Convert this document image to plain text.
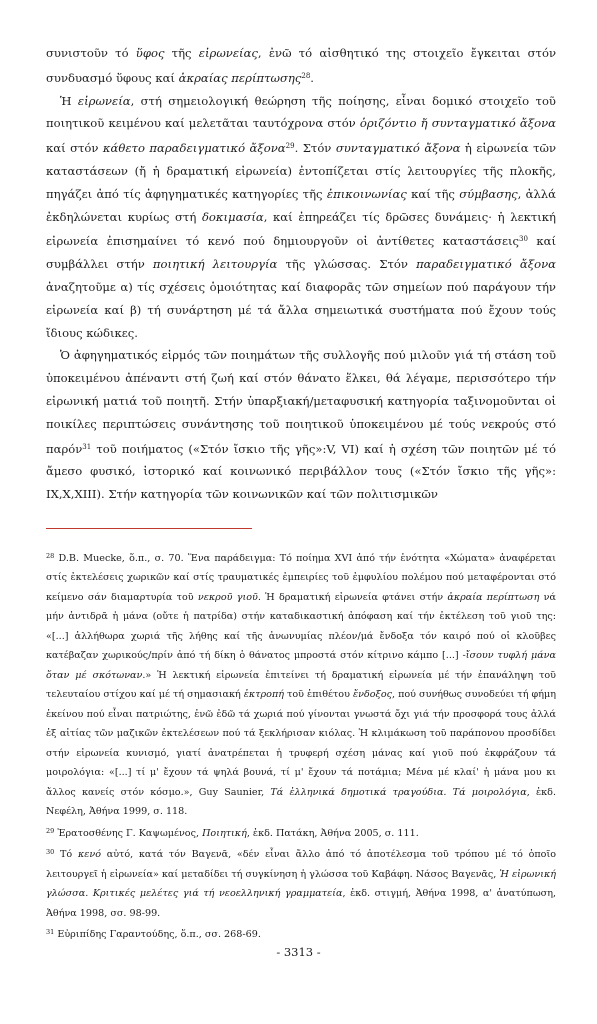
συνιστοῦν τό ὕφος τῆς εἰρωνείας, ἐνῶ τό αἰσθητικό της στοιχεῖο ἔγκειται στόν συνδυασμό ὕφους καί ἀκραίας περίπτωσης$^{28}$.

Ἡ εἰρωνεία, στή σημειολογική θεώρηση τῆς ποίησης, εἶναι δομικό στοιχεῖο τοῦ ποιητικοῦ κειμένου καί μελετᾶται ταυτόχρονα στόν ὁριζόντιο ἤ συνταγματικό ἄξονα καί στόν κάθετο παραδειγματικό ἄξονα$^{29}$. Στόν συνταγματικό ἄξονα ἡ εἰρωνεία τῶν καταστάσεων (ἤ ἡ δραματική εἰρωνεία) ἐντοπίζεται στίς λειτουργίες τῆς πλοκῆς, πηγάζει ἀπό τίς ἀφηγηματικές κατηγορίες τῆς ἐπικοινωνίας καί τῆς σύμβασης, ἀλλά ἐκδηλώνεται κυρίως στή δοκιμασία, καί ἐπηρεάζει τίς δρῶσες δυνάμεις· ἡ λεκτική εἰρωνεία ἐπισημαίνει τό κενό πού δημιουργοῦν οἱ ἀντίθετες καταστάσεις$^{30}$ καί συμβάλλει στήν ποιητική λειτουργία τῆς γλώσσας. Στόν παραδειγματικό ἄξονα ἀναζητοῦμε α) τίς σχέσεις ὁμοιότητας καί διαφορᾶς τῶν σημείων πού παράγουν τήν εἰρωνεία καί β) τή συνάρτηση μέ τά ἄλλα σημειωτικά συστήματα πού ἔχουν τούς ἴδιους κώδικες.

Ὁ ἀφηγηματικός εἱρμός τῶν ποιημάτων τῆς συλλογῆς πού μιλοῦν γιά τή στάση τοῦ ὑποκειμένου ἀπέναντι στή ζωή καί στόν θάνατο ἕλκει, θά λέγαμε, περισσότερο τήν εἰρωνική ματιά τοῦ ποιητῆ. Στήν ὑπαρξιακή/μεταφυσική κατηγορία ταξινομοῦνται οἱ ποικίλες περιπτώσεις συνάντησης τοῦ ποιητικοῦ ὑποκειμένου μέ τούς νεκρούς στό παρόν$^{31}$ τοῦ ποιήματος («Στόν ἴσκιο τῆς γῆς»:V, VI) καί ἡ σχέση τῶν ποιητῶν μέ τό ἄμεσο φυσικό, ἱστορικό καί κοινωνικό περιβάλλον τους («Στόν ἴσκιο τῆς γῆς»: IX,X,XIII). Στήν κατηγορία τῶν κοινωνικῶν καί τῶν πολιτισμικῶν

$^{28}$ D.B. Muecke, ὅ.π., σ. 70. Ἕνα παράδειγμα: Τό ποίημα XVI ἀπό τήν ἑνότητα «Χώματα» ἀναφέρεται στίς ἐκτελέσεις χωρικῶν καί στίς τραυματικές ἐμπειρίες τοῦ ἐμφυλίου πολέμου πού μεταφέρονται στό κείμενο σάν διαμαρτυρία τοῦ νεκροῦ γιοῦ. Ἡ δραματική εἰρωνεία φτάνει στήν ἀκραία περίπτωση νά μήν ἀντιδρᾶ ἡ μάνα (οὔτε ἡ πατρίδα) στήν καταδικαστική ἀπόφαση καί τήν ἐκτέλεση τοῦ γιοῦ της: «[...] ἀλλήθωρα χωριά τῆς λήθης καί τῆς ἀνωνυμίας πλέον/μά ἔνδοξα τόν καιρό πού οἱ κλοῦβες κατέβαζαν χωρικούς/πρίν ἀπό τή δίκη ὁ θάνατος μπροστά στόν κίτρινο κάμπο [...] -ἴσουν τυφλή μάνα ὅταν μέ σκότωναν.» Ἡ λεκτική εἰρωνεία ἐπιτείνει τή δραματική εἰρωνεία μέ τήν ἐπανάληψη τοῦ τελευταίου στίχου καί μέ τή σημασιακή ἐκτροπή τοῦ ἐπιθέτου ἔνδοξος, πού συνήθως συνοδεύει τή φήμη ἐκείνου πού εἶναι πατριώτης, ἐνῶ ἐδῶ τά χωριά πού γίνονται γνωστά ὄχι γιά τήν προσφορά τους ἀλλά ἐξ αἰτίας τῶν μαζικῶν ἐκτελέσεων πού τά ξεκλήρισαν κιόλας. Ἡ κλιμάκωση τοῦ παράπονου προσδίδει στήν εἰρωνεία κυνισμό, γιατί ἀνατρέπεται ἡ τρυφερή σχέση μάνας καί γιοῦ πού ἐκφράζουν τά μοιρολόγια: «[...] τί μ' ἔχουν τά ψηλά βουνά, τί μ' ἔχουν τά ποτάμια; Μένα μέ κλαί' ἡ μάνα μου κι ἄλλος κανείς στόν κόσμο.», Guy Saunier, Τά ἑλληνικά δημοτικά τραγούδια. Τά μοιρολόγια, ἐκδ. Νεφέλη, Ἀθήνα 1999, σ. 118.

$^{29}$ Ἐρατοσθένης Γ. Καψωμένος, Ποιητική, ἐκδ. Πατάκη, Ἀθήνα 2005, σ. 111.

$^{30}$ Τό κενό αὐτό, κατά τόν Βαγενᾶ, «δέν εἶναι ἄλλο ἀπό τό ἀποτέλεσμα τοῦ τρόπου μέ τό ὁποῖο λειτουργεῖ ἡ εἰρωνεία» καί μεταδίδει τή συγκίνηση ἡ γλώσσα τοῦ Καβάφη. Νάσος Βαγενᾶς, Ἡ εἰρωνική γλώσσα. Κριτικές μελέτες γιά τή νεοελληνική γραμματεία, ἐκδ. στιγμή, Ἀθήνα 1998, α' ἀνατύπωση, Ἀθήνα 1998, σσ. 98-99.

$^{31}$ Εὐριπίδης Γαραντούδης, ὅ.π., σσ. 268-69.

- 3313 -
